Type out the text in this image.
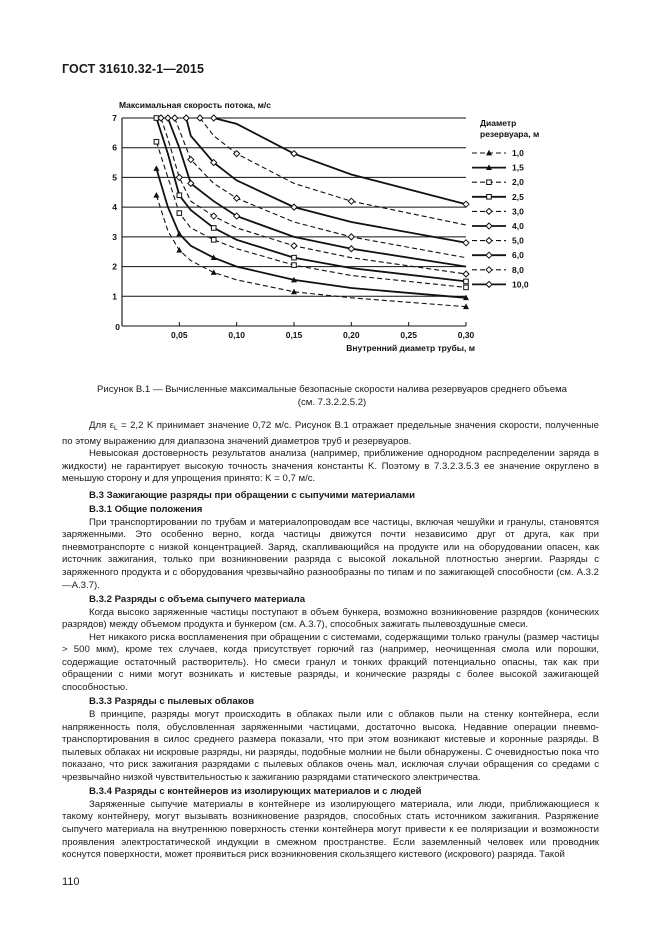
ГОСТ 31610.32-1—2015
1
2
3
4
5
6
7
0
0,05	0,10	0,15	0,20	0,25	0,30
Максимальная скорость потока, м/с
Внутренний диаметр трубы, м
Диаметр
резервуара, м
1,0
1,5
2,0
2,5
3,0
4,0
5,0
6,0
8,0
10,0
Рисунок В.1 — Вычисленные максимальные безопасные скорости налива резервуаров среднего объема
(см. 7.3.2.2.5.2)

Для $\varepsilon_L = 2,2$ K принимает значение 0,72 м/с. Рисунок В.1 отражает предельные значения скорости, полученные по этому выражению для диапазона значений диаметров труб и резервуаров.

Невысокая достоверность результатов анализа (например, приближение однородном распределении заряда в жидкости) не гарантирует высокую точность значения константы K. Поэтому в 7.3.2.3.5.3 ее значение округлено в меньшую сторону и для упрощения принято: K = 0,7 м/с.

В.3 Зажигающие разряды при обращении с сыпучими материалами
В.3.1 Общие положения

При транспортировании по трубам и материалопроводам все частицы, включая чешуйки и гранулы, становятся заряженными. Это особенно верно, когда частицы движутся почти независимо друг от друга, как при пневмотранспорте с низкой концентрацией. Заряд, скапливающийся на продукте или на оборудовании опасен, как источник зажигания, только при возникновении разряда с высокой локальной плотностью энергии. Разряды с заряженного продукта и с оборудования чрезвычайно разнообразны по типам и по зажигающей способности (см. А.3.2—А.3.7).

В.3.2 Разряды с объема сыпучего материала

Когда высоко заряженные частицы поступают в объем бункера, возможно возникновение разрядов (конических разрядов) между объемом продукта и бункером (см. А.3.7), способных зажигать пылевоздушные смеси.

Нет никакого риска воспламенения при обращении с системами, содержащими только гранулы (размер частицы > 500 мкм), кроме тех случаев, когда присутствует горючий газ (например, неочищенная смола или порошки, содержащие остаточный растворитель). Но смеси гранул и тонких фракций потенциально опасны, так как при обращении с ними могут возникать и кистевые разряды, и конические разряды с более высокой зажигающей способностью.

В.3.3 Разряды с пылевых облаков

В принципе, разряды могут происходить в облаках пыли или с облаков пыли на стенку контейнера, если напряженность поля, обусловленная заряженными частицами, достаточно высока. Недавние операции пневмотранспортирования в силос среднего размера показали, что при этом возникают кистевые и коронные разряды. В пылевых облаках ни искровые разряды, ни разряды, подобные молнии не были обнаружены. С очевидностью пока что показано, что риск зажигания разрядами с пылевых облаков очень мал, исключая случаи обращения со средами с чрезвычайно низкой чувствительностью к зажиганию разрядами статического электричества.

В.3.4 Разряды с контейнеров из изолирующих материалов и с людей

Заряженные сыпучие материалы в контейнере из изолирующего материала, или люди, приближающиеся к такому контейнеру, могут вызывать возникновение разрядов, способных стать источником зажигания. Разряжение сыпучего материала на внутреннюю поверхность стенки контейнера могут привести к ее поляризации и возможности проявления электростатической индукции в смежном пространстве. Если заземленный человек или проводник коснутся поверхности, может проявиться риск возникновения скользящего кистевого (искрового) разряда. Такой

110
